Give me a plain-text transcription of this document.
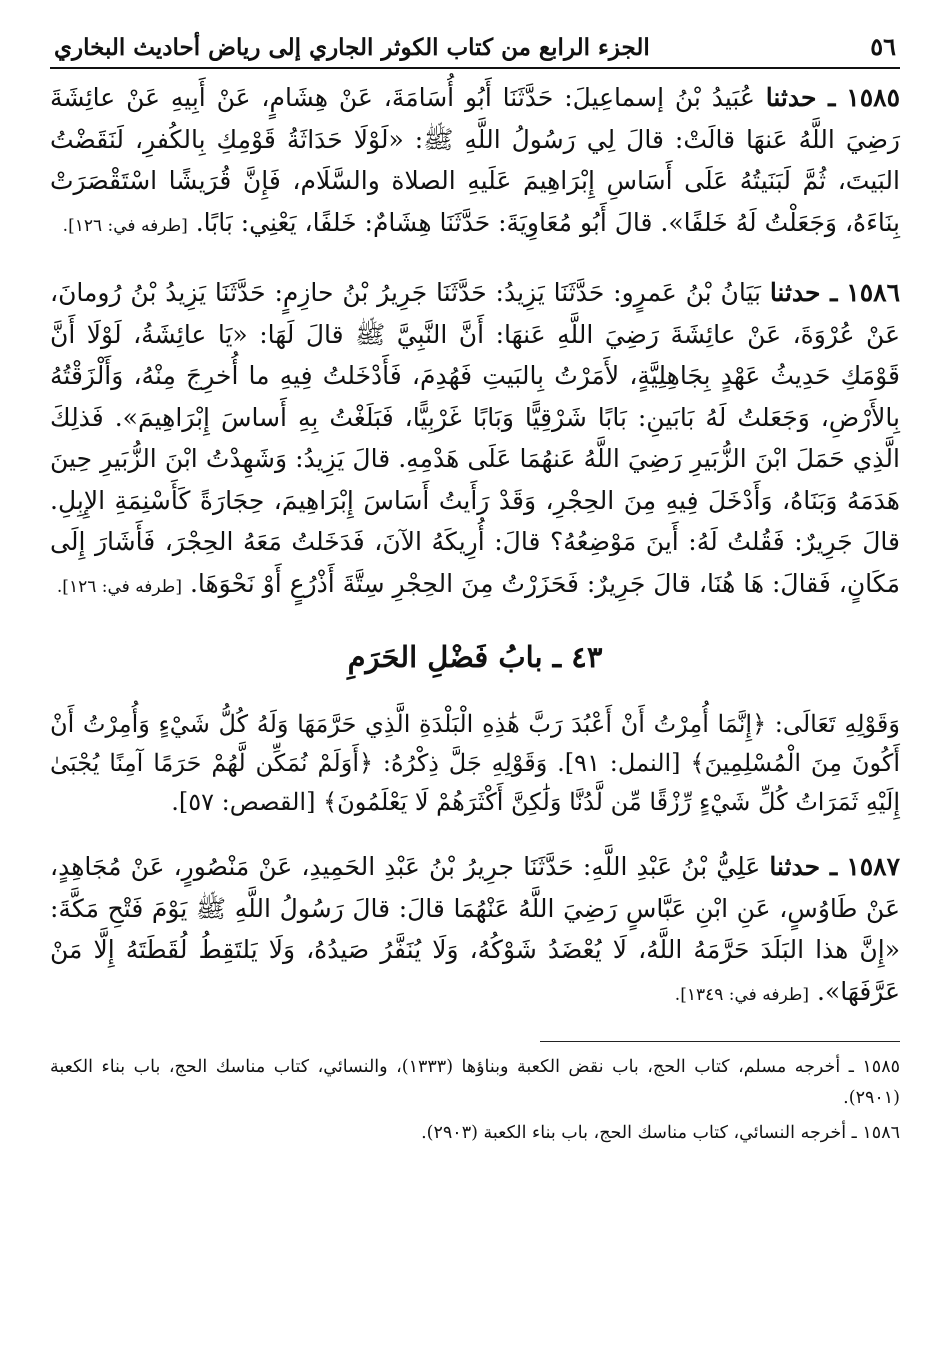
٥٦
الجزء الرابع من كتاب الكوثر الجاري إلى رياض أحاديث البخاري

١٥٨٥ ـ حدثنا عُبَيدُ بْنُ إسماعِيلَ: حَدَّثَنَا أَبُو أُسَامَةَ، عَنْ هِشَامٍ، عَنْ أَبِيهِ عَنْ عائِشَةَ رَضِيَ اللَّهُ عَنهَا قالَتْ: قالَ لِي رَسُولُ اللَّهِ ﷺ: «لَوْلَا حَدَاثَةُ قَوْمِكِ بِالكُفرِ، لَنَقَضْتُ البَيتَ، ثُمَّ لَبَنَيتُهُ عَلَى أَسَاسِ إِبْرَاهِيمَ عَلَيهِ الصلاة والسَّلَام، فَإِنَّ قُرَيشًا اسْتَقْصَرَتْ بِنَاءَهُ، وَجَعَلْتُ لَهُ خَلفًا». قالَ أَبُو مُعَاوِيَةَ: حَدَّثَنَا هِشَامٌ: خَلفًا، يَعْنِي: بَابًا. [طرفه في: ١٢٦].

١٥٨٦ ـ حدثنا بَيَانُ بْنُ عَمرٍو: حَدَّثَنَا يَزِيدُ: حَدَّثَنَا جَرِيرُ بْنُ حازِمٍ: حَدَّثَنَا يَزِيدُ بْنُ رُومانَ، عَنْ عُرْوَةَ، عَنْ عائِشَةَ رَضِيَ اللَّهِ عَنهَا: أَنَّ النَّبِيَّ ﷺ قالَ لَهَا: «يَا عائِشَةُ، لَوْلَا أَنَّ قَوْمَكِ حَدِيثُ عَهْدٍ بِجَاهِلِيَّةٍ، لأَمَرْتُ بِالبَيتِ فَهُدِمَ، فَأَدْخَلتُ فِيهِ ما أُخرِجَ مِنْهُ، وَأَلْزَقْتُهُ بِالأَرْضِ، وَجَعَلتُ لَهُ بَابَينِ: بَابًا شَرْقِيًّا وَبَابًا غَرْبِيًّا، فَبَلَغْتُ بِهِ أَساسَ إِبْرَاهِيمَ». فَذلِكَ الَّذِي حَمَلَ ابْنَ الزُّبَيرِ رَضِيَ اللَّهُ عَنهُمَا عَلَى هَدْمِهِ. قالَ يَزِيدُ: وَشَهِدْتُ ابْنَ الزُّبَيرِ حِينَ هَدَمَهُ وَبَنَاهُ، وَأَدْخَلَ فِيهِ مِنَ الحِجْرِ، وَقَدْ رَأَيتُ أَسَاسَ إِبْرَاهِيمَ، حِجَارَةً كَأَسْنِمَةِ الإِبِلِ. قالَ جَرِيرٌ: فَقُلتُ لَهُ: أَينَ مَوْضِعُهُ؟ قالَ: أُرِيكَهُ الآنَ، فَدَخَلتُ مَعَهُ الحِجْرَ، فَأَشَارَ إِلَى مَكَانٍ، فَقالَ: هَا هُنَا، قالَ جَرِيرٌ: فَحَزَرْتُ مِنَ الحِجْرِ سِتَّةَ أَذْرُعٍ أَوْ نَحْوَهَا. [طرفه في: ١٢٦].

٤٣ ـ بابُ فَضْلِ الحَرَمِ

وَقَوْلِهِ تَعَالَى: ﴿إِنَّمَا أُمِرْتُ أَنْ أَعْبُدَ رَبَّ هَٰذِهِ الْبَلْدَةِ الَّذِي حَرَّمَهَا وَلَهُ كُلُّ شَيْءٍ وَأُمِرْتُ أَنْ أَكُونَ مِنَ الْمُسْلِمِينَ﴾ [النمل: ٩١]. وَقَوْلِهِ جَلَّ ذِكْرُهُ: ﴿أَوَلَمْ نُمَكِّن لَّهُمْ حَرَمًا آمِنًا يُجْبَىٰ إِلَيْهِ ثَمَرَاتُ كُلِّ شَيْءٍ رِّزْقًا مِّن لَّدُنَّا وَلَٰكِنَّ أَكْثَرَهُمْ لَا يَعْلَمُونَ﴾ [القصص: ٥٧].

١٥٨٧ ـ حدثنا عَلِيُّ بْنُ عَبْدِ اللَّهِ: حَدَّثَنَا جرِيرُ بْنُ عَبْدِ الحَمِيدِ، عَنْ مَنْصُورٍ، عَنْ مُجَاهِدٍ، عَنْ طَاوُسٍ، عَنِ ابْنِ عَبَّاسٍ رَضِيَ اللَّهُ عَنْهُمَا قالَ: قالَ رَسُولُ اللَّهِ ﷺ يَوْمَ فَتْحِ مَكَّةَ: «إِنَّ هذا البَلَدَ حَرَّمَهُ اللَّهُ، لَا يُعْضَدُ شَوْكُهُ، وَلَا يُنَفَّرُ صَيدُهُ، وَلَا يَلتَقِطُ لُقَطَتَهُ إِلَّا مَنْ عَرَّفَهَا». [طرفه في: ١٣٤٩].

١٥٨٥ ـ أخرجه مسلم، كتاب الحج، باب نقض الكعبة وبناؤها (١٣٣٣)، والنسائي، كتاب مناسك الحج، باب بناء الكعبة (٢٩٠١).

١٥٨٦ ـ أخرجه النسائي، كتاب مناسك الحج، باب بناء الكعبة (٢٩٠٣).
